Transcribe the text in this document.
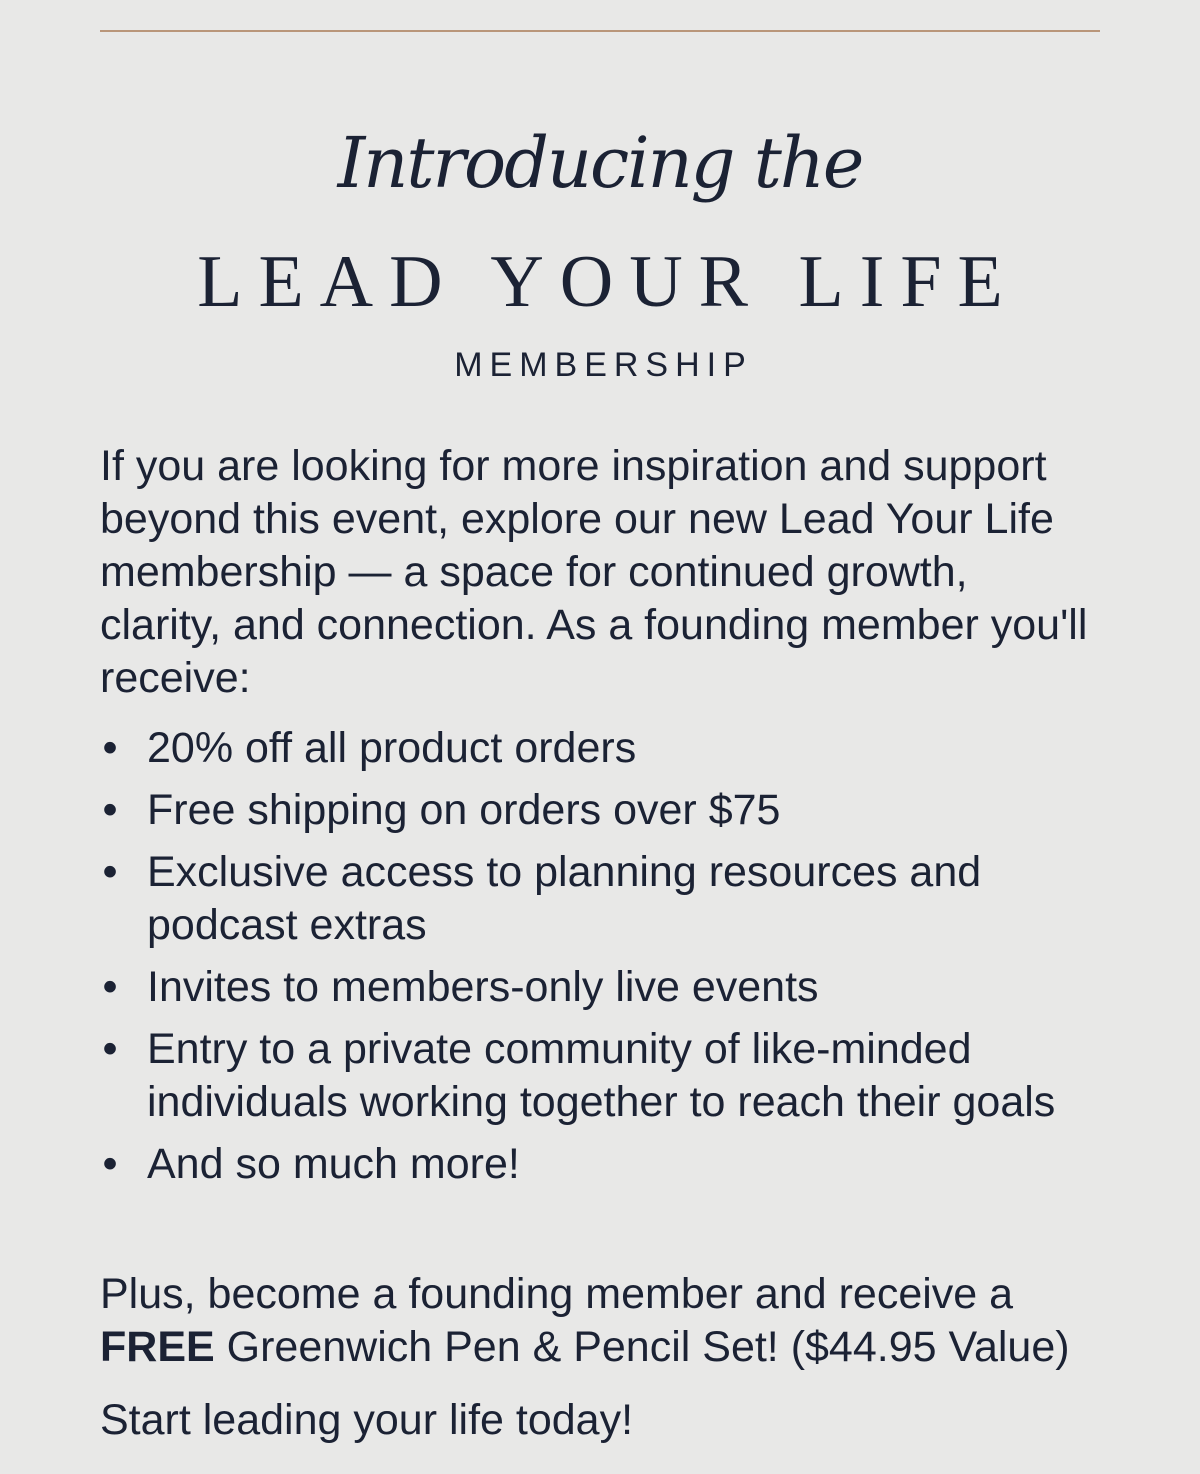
Introducing the
LEAD YOUR LIFE
MEMBERSHIP

If you are looking for more inspiration and support beyond this event, explore our new Lead Your Life membership — a space for continued growth, clarity, and connection. As a founding member you'll receive:

• 20% off all product orders
• Free shipping on orders over $75
• Exclusive access to planning resources and podcast extras
• Invites to members-only live events
• Entry to a private community of like-minded individuals working together to reach their goals
• And so much more!

Plus, become a founding member and receive a FREE Greenwich Pen & Pencil Set! ($44.95 Value)

Start leading your life today!
